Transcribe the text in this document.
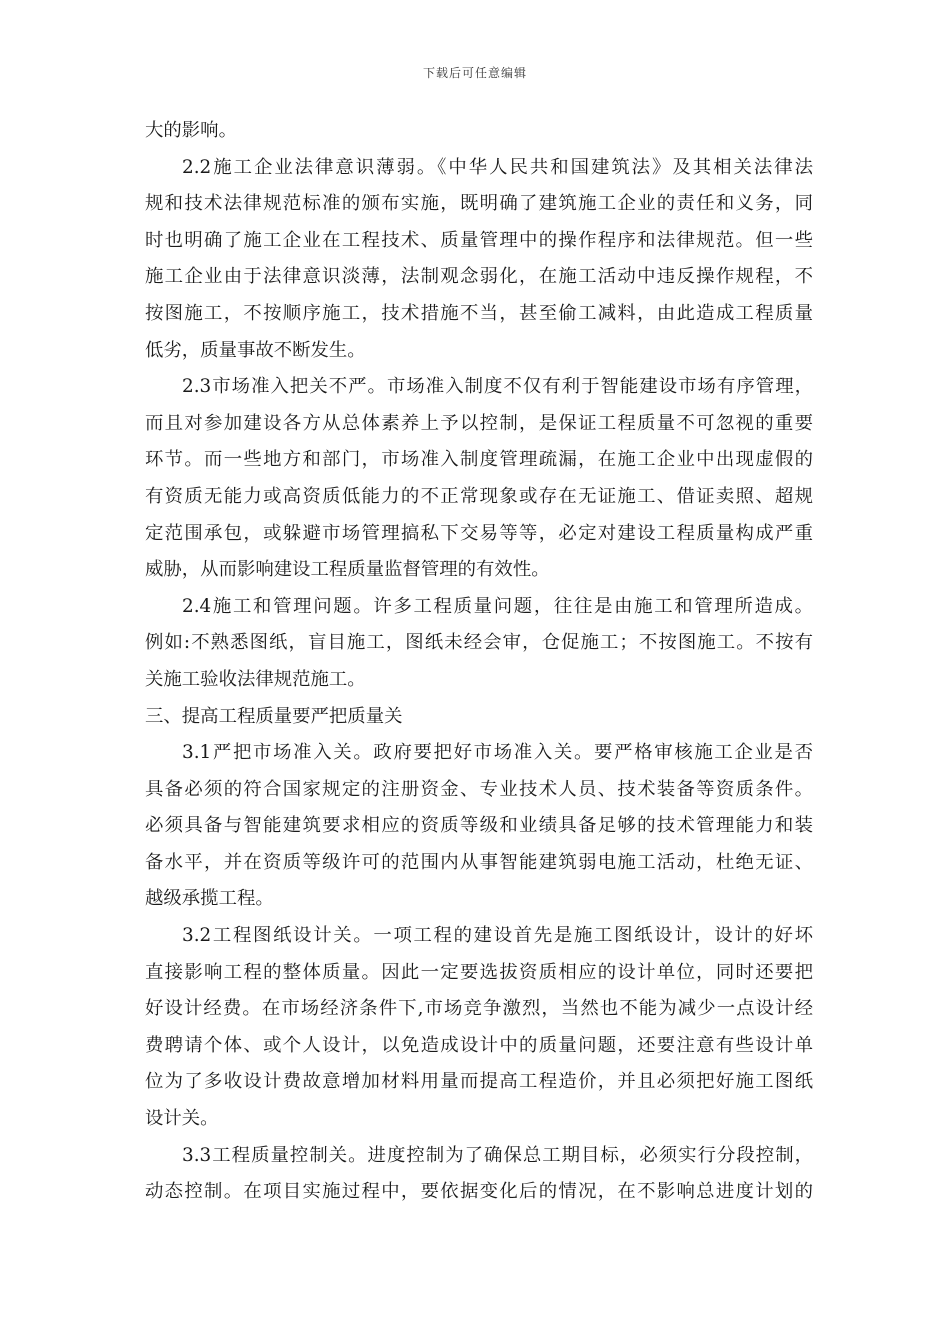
下载后可任意编辑
大的影响。
2.2施工企业法律意识薄弱。《中华人民共和国建筑法》及其相关法律法
规和技术法律规范标准的颁布实施，既明确了建筑施工企业的责任和义务，同
时也明确了施工企业在工程技术、质量管理中的操作程序和法律规范。但一些
施工企业由于法律意识淡薄，法制观念弱化，在施工活动中违反操作规程，不
按图施工，不按顺序施工，技术措施不当，甚至偷工减料，由此造成工程质量
低劣，质量事故不断发生。
2.3市场准入把关不严。市场准入制度不仅有利于智能建设市场有序管理，
而且对参加建设各方从总体素养上予以控制，是保证工程质量不可忽视的重要
环节。而一些地方和部门，市场准入制度管理疏漏，在施工企业中出现虚假的
有资质无能力或高资质低能力的不正常现象或存在无证施工、借证卖照、超规
定范围承包，或躲避市场管理搞私下交易等等，必定对建设工程质量构成严重
威胁，从而影响建设工程质量监督管理的有效性。
2.4施工和管理问题。许多工程质量问题，往往是由施工和管理所造成。
例如:不熟悉图纸，盲目施工，图纸未经会审，仓促施工；不按图施工。不按有
关施工验收法律规范施工。
三、提高工程质量要严把质量关
3.1严把市场准入关。政府要把好市场准入关。要严格审核施工企业是否
具备必须的符合国家规定的注册资金、专业技术人员、技术装备等资质条件。
必须具备与智能建筑要求相应的资质等级和业绩具备足够的技术管理能力和装
备水平，并在资质等级许可的范围内从事智能建筑弱电施工活动，杜绝无证、
越级承揽工程。
3.2工程图纸设计关。一项工程的建设首先是施工图纸设计，设计的好坏
直接影响工程的整体质量。因此一定要选拔资质相应的设计单位，同时还要把
好设计经费。在市场经济条件下,市场竞争激烈，当然也不能为减少一点设计经
费聘请个体、或个人设计，以免造成设计中的质量问题，还要注意有些设计单
位为了多收设计费故意增加材料用量而提高工程造价，并且必须把好施工图纸
设计关。
3.3工程质量控制关。进度控制为了确保总工期目标，必须实行分段控制，
动态控制。在项目实施过程中，要依据变化后的情况，在不影响总进度计划的
